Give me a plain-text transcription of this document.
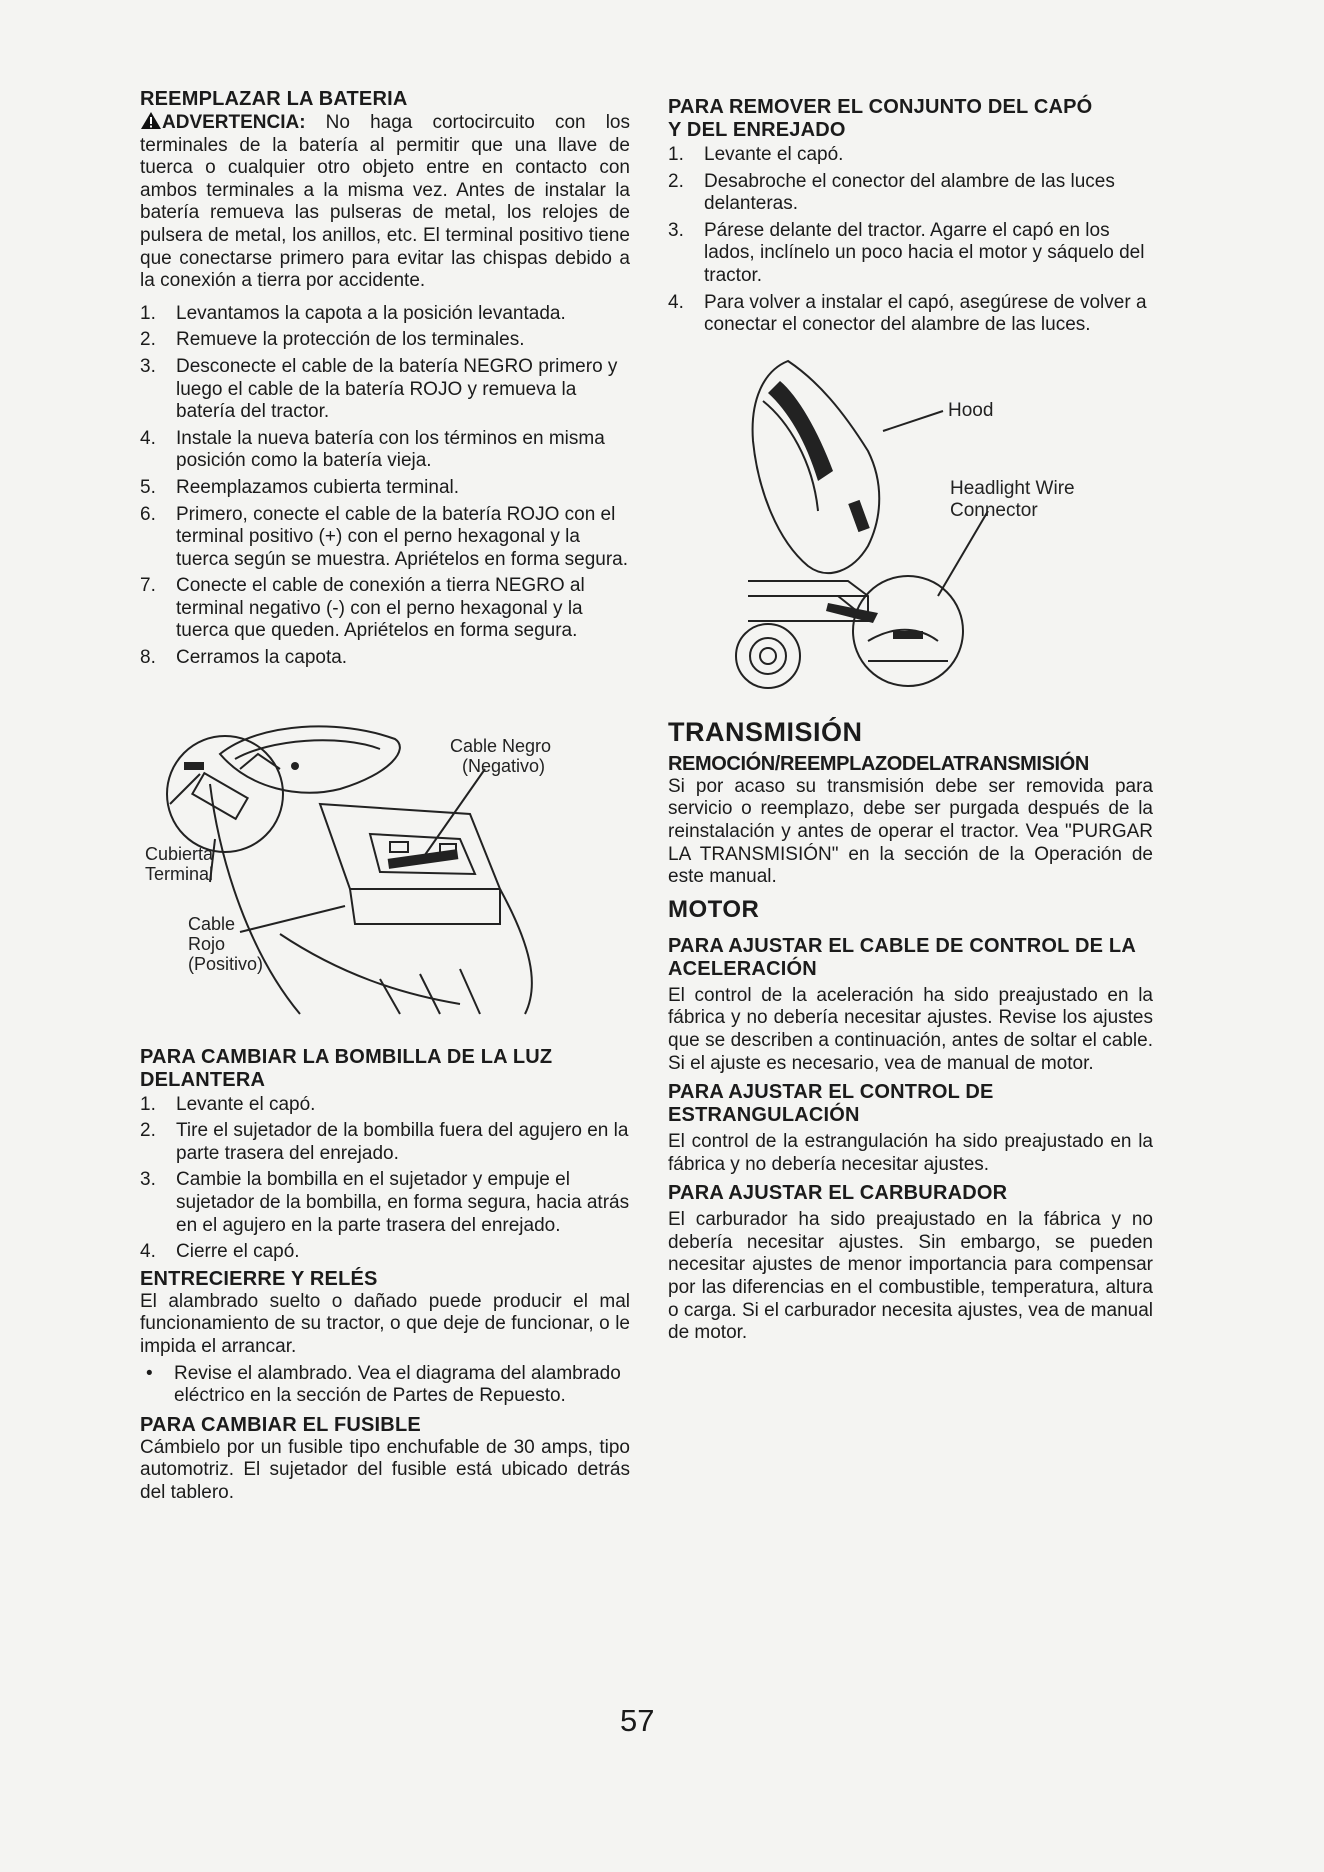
REEMPLAZAR LA BATERIA

ADVERTENCIA: No haga cortocircuito con los terminales de la batería al permitir que una llave de tuerca o cualquier otro objeto entre en contacto con ambos terminales a la misma vez. Antes de instalar la batería remueva las pulseras de metal, los relojes de pulsera de metal, los anillos, etc. El terminal positivo tiene que conectarse primero para evitar las chispas debido a la conexión a tierra por accidente.

1. Levantamos la capota a la posición levantada.
2. Remueve la protección de los terminales.
3. Desconecte el cable de la batería NEGRO primero y luego el cable de la batería ROJO y remueva la batería del tractor.
4. Instale la nueva batería con los términos en misma posición como la batería vieja.
5. Reemplazamos cubierta terminal.
6. Primero, conecte el cable de la batería ROJO con el terminal positivo (+) con el perno hexagonal y la tuerca según se muestra. Apriételos en forma segura.
7. Conecte el cable de conexión a tierra NEGRO al terminal negativo (-) con el perno hexagonal y la tuerca que queden. Apriételos en forma segura.
8. Cerramos la capota.
Cable Negro
(Negativo)
Cubierta
Terminal
Cable
Rojo
(Positivo)

PARA CAMBIAR LA BOMBILLA DE LA LUZ DELANTERA

1. Levante el capó.
2. Tire el sujetador de la bombilla fuera del agujero en la parte trasera del enrejado.
3. Cambie la bombilla en el sujetador y empuje el sujetador de la bombilla, en forma segura, hacia atrás en el agujero en la parte trasera del enrejado.
4. Cierre el capó.

ENTRECIERRE Y RELÉS

El alambrado suelto o dañado puede producir el mal funcionamiento de su tractor, o que deje de funcionar, o le impida el arrancar.

• Revise el alambrado. Vea el diagrama del alambrado eléctrico en la sección de Partes de Repuesto.

PARA CAMBIAR EL FUSIBLE

Cámbielo por un fusible tipo enchufable de 30 amps, tipo automotriz. El sujetador del fusible está ubicado detrás del tablero.

PARA REMOVER EL CONJUNTO DEL CAPÓ

Y DEL ENREJADO

1. Levante el capó.
2. Desabroche el conector del alambre de las luces delanteras.
3. Párese delante del tractor. Agarre el capó en los lados, inclínelo un poco hacia el motor y sáquelo del tractor.
4. Para volver a instalar el capó, asegúrese de volver a conectar el conector del alambre de las luces.
Hood
Headlight Wire
Connector

TRANSMISIÓN

REMOCIÓN/REEMPLAZODELATRANSMISIÓN

Si por acaso su transmisión debe ser removida para servicio o reemplazo, debe ser purgada después de la reinstalación y antes de operar el tractor. Vea "PURGAR LA TRANSMISIÓN" en la sección de la Operación de este manual.

MOTOR

PARA AJUSTAR EL CABLE DE CONTROL DE LA ACELERACIÓN

El control de la aceleración ha sido preajustado en la fábrica y no debería necesitar ajustes. Revise los ajustes que se describen a continuación, antes de soltar el cable. Si el ajuste es necesario, vea de manual de motor.

PARA AJUSTAR EL CONTROL DE ESTRANGULACIÓN

El control de la estrangulación ha sido preajustado en la fábrica y no debería necesitar ajustes.

PARA AJUSTAR EL CARBURADOR

El carburador ha sido preajustado en la fábrica y no debería necesitar ajustes. Sin embargo, se pueden necesitar ajustes de menor importancia para compensar por las diferencias en el combustible, temperatura, altura o carga. Si el carburador necesita ajustes, vea de manual de motor.

57
